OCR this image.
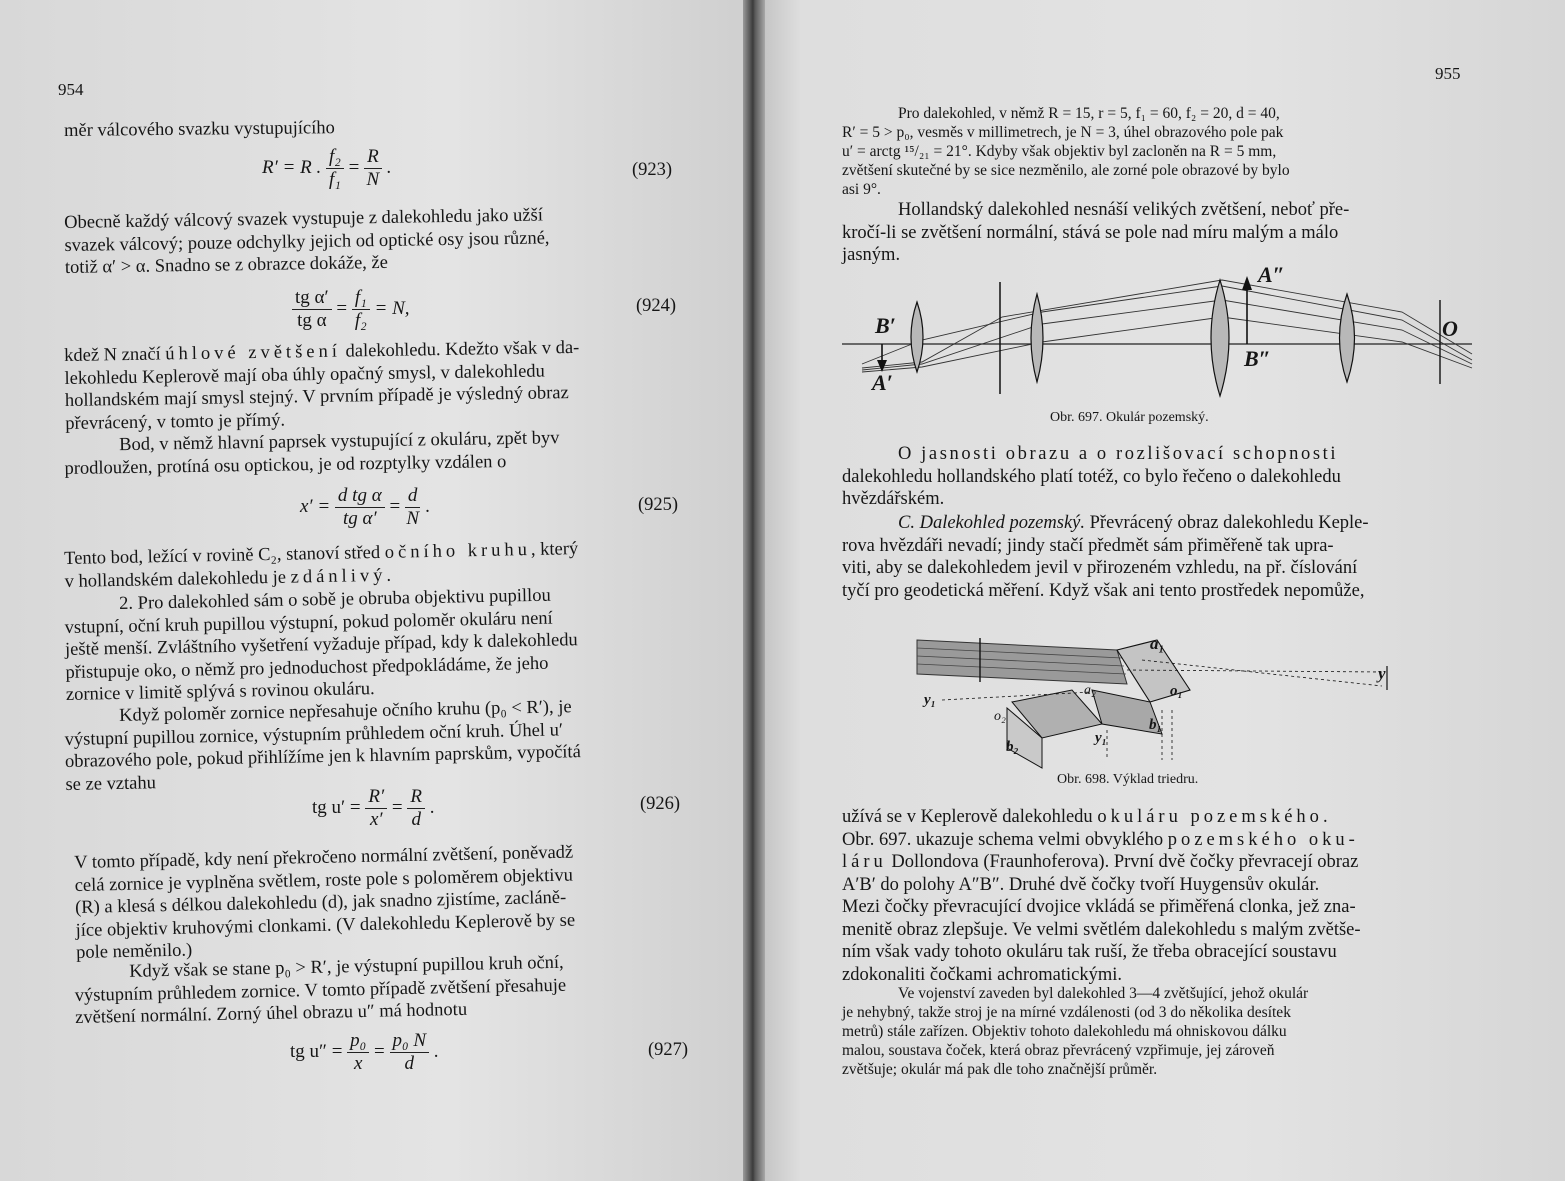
954
měr válcového svazku vystupujícího
R′ = R . $\frac{\text{f₂}}{\text{f₁}} = \frac{R}{N}$ .	(923)
Obecně každý válcový svazek vystupuje z dalekohledu jako užší
svazek válcový; pouze odchylky jejich od optické osy jsou různé,
totiž α′ > α. Snadno se z obrazce dokáže, že
$\frac{\text{tg α′}}{\text{tg α}} = \frac{\text{f₁}}{\text{f₂}} = N$,	(924)
kdež N značí úhlové zvětšení dalekohledu. Kdežto však v da-
lekohledu Keplerově mají oba úhly opačný smysl, v dalekohledu
hollandském mají smysl stejný. V prvním případě je výsledný obraz
převrácený, v tomto je přímý.
Bod, v němž hlavní paprsek vystupující z okuláru, zpět byv
prodloužen, protíná osu optickou, je od rozptylky vzdálen o
$x' = \frac{\text{d tg α}}{\text{tg α′}} = \frac{d}{N}$ .	(925)
Tento bod, ležící v rovině C₂, stanoví střed očního kruhu, který
v hollandském dalekohledu je zdánlivý.
2. Pro dalekohled sám o sobě je obruba objektivu pupillou
vstupní, oční kruh pupillou výstupní, pokud poloměr okuláru není
ještě menší. Zvláštního vyšetření vyžaduje případ, kdy k dalekohledu
přistupuje oko, o němž pro jednoduchost předpokládáme, že jeho
zornice v limitě splývá s rovinou okuláru.
Když poloměr zornice nepřesahuje očního kruhu (p₀ < R′), je
výstupní pupillou zornice, výstupním průhledem oční kruh. Úhel u′
obrazového pole, pokud přihlížíme jen k hlavním paprskům, vypočítá
se ze vztahu
tg $u' = \frac{R'}{x'} = \frac{R}{d}$ .	(926)
V tomto případě, kdy není překročeno normální zvětšení, poněvadž
celá zornice je vyplněna světlem, roste pole s poloměrem objektivu
(R) a klesá s délkou dalekohledu (d), jak snadno zjistíme, zacláně-
jíce objektiv kruhovými clonkami. (V dalekohledu Keplerově by se
pole neměnilo.)
Když však se stane p₀ > R′, je výstupní pupillou kruh oční,
výstupním průhledem zornice. V tomto případě zvětšení přesahuje
zvětšení normální. Zorný úhel obrazu u″ má hodnotu
tg $u'' = \frac{\text{p₀}}{x} = \frac{\text{p₀ N}}{d}$ .	(927)
955
Pro dalekohled, v němž R = 15, r = 5, f₁ = 60, f₂ = 20, d = 40,
R′ = 5 > p₀, vesměs v millimetrech, je N = 3, úhel obrazového pole pak
u′ = arctg ¹⁵/₂₁ = 21°. Kdyby však objektiv byl zacloněn na R = 5 mm,
zvětšení skutečné by se sice nezměnilo, ale zorné pole obrazové by bylo
asi 9°.
Hollandský dalekohled nesnáší velikých zvětšení, neboť pře-
kročí-li se zvětšení normální, stává se pole nad míru malým a málo
jasným.
B′
A′
A″
B″
O
Obr. 697. Okulár pozemský.
O jasnosti obrazu a o rozlišovací schopnosti
dalekohledu hollandského platí totéž, co bylo řečeno o dalekohledu
hvězdářském.
C. Dalekohled pozemský. Převrácený obraz dalekohledu Keple-
rova hvězdáři nevadí; jindy stačí předmět sám přiměřeně tak upra-
viti, aby se dalekohledem jevil v přirozeném vzhledu, na př. číslování
tyčí pro geodetická měření. Když však ani tento prostředek nepomůže,
a₁
a₂	o₁
o₂
b₁
b₂
y
y₁
y₁
Obr. 698. Výklad triedru.
užívá se v Keplerově dalekohledu okuláru pozemského.
Obr. 697. ukazuje schema velmi obvyklého pozemského oku-
láru Dollondova (Fraunhoferova). První dvě čočky převracejí obraz
A′B′ do polohy A″B″. Druhé dvě čočky tvoří Huygensův okulár.
Mezi čočky převracující dvojice vkládá se přiměřená clonka, jež zna-
menitě obraz zlepšuje. Ve velmi světlém dalekohledu s malým zvětše-
ním však vady tohoto okuláru tak ruší, že třeba obracející soustavu
zdokonaliti čočkami achromatickými.
Ve vojenství zaveden byl dalekohled 3—4 zvětšující, jehož okulár
je nehybný, takže stroj je na mírné vzdálenosti (od 3 do několika desítek
metrů) stále zařízen. Objektiv tohoto dalekohledu má ohniskovou dálku
malou, soustava čoček, která obraz převrácený vzpřimuje, jej zároveň
zvětšuje; okulár má pak dle toho značnější průměr.
